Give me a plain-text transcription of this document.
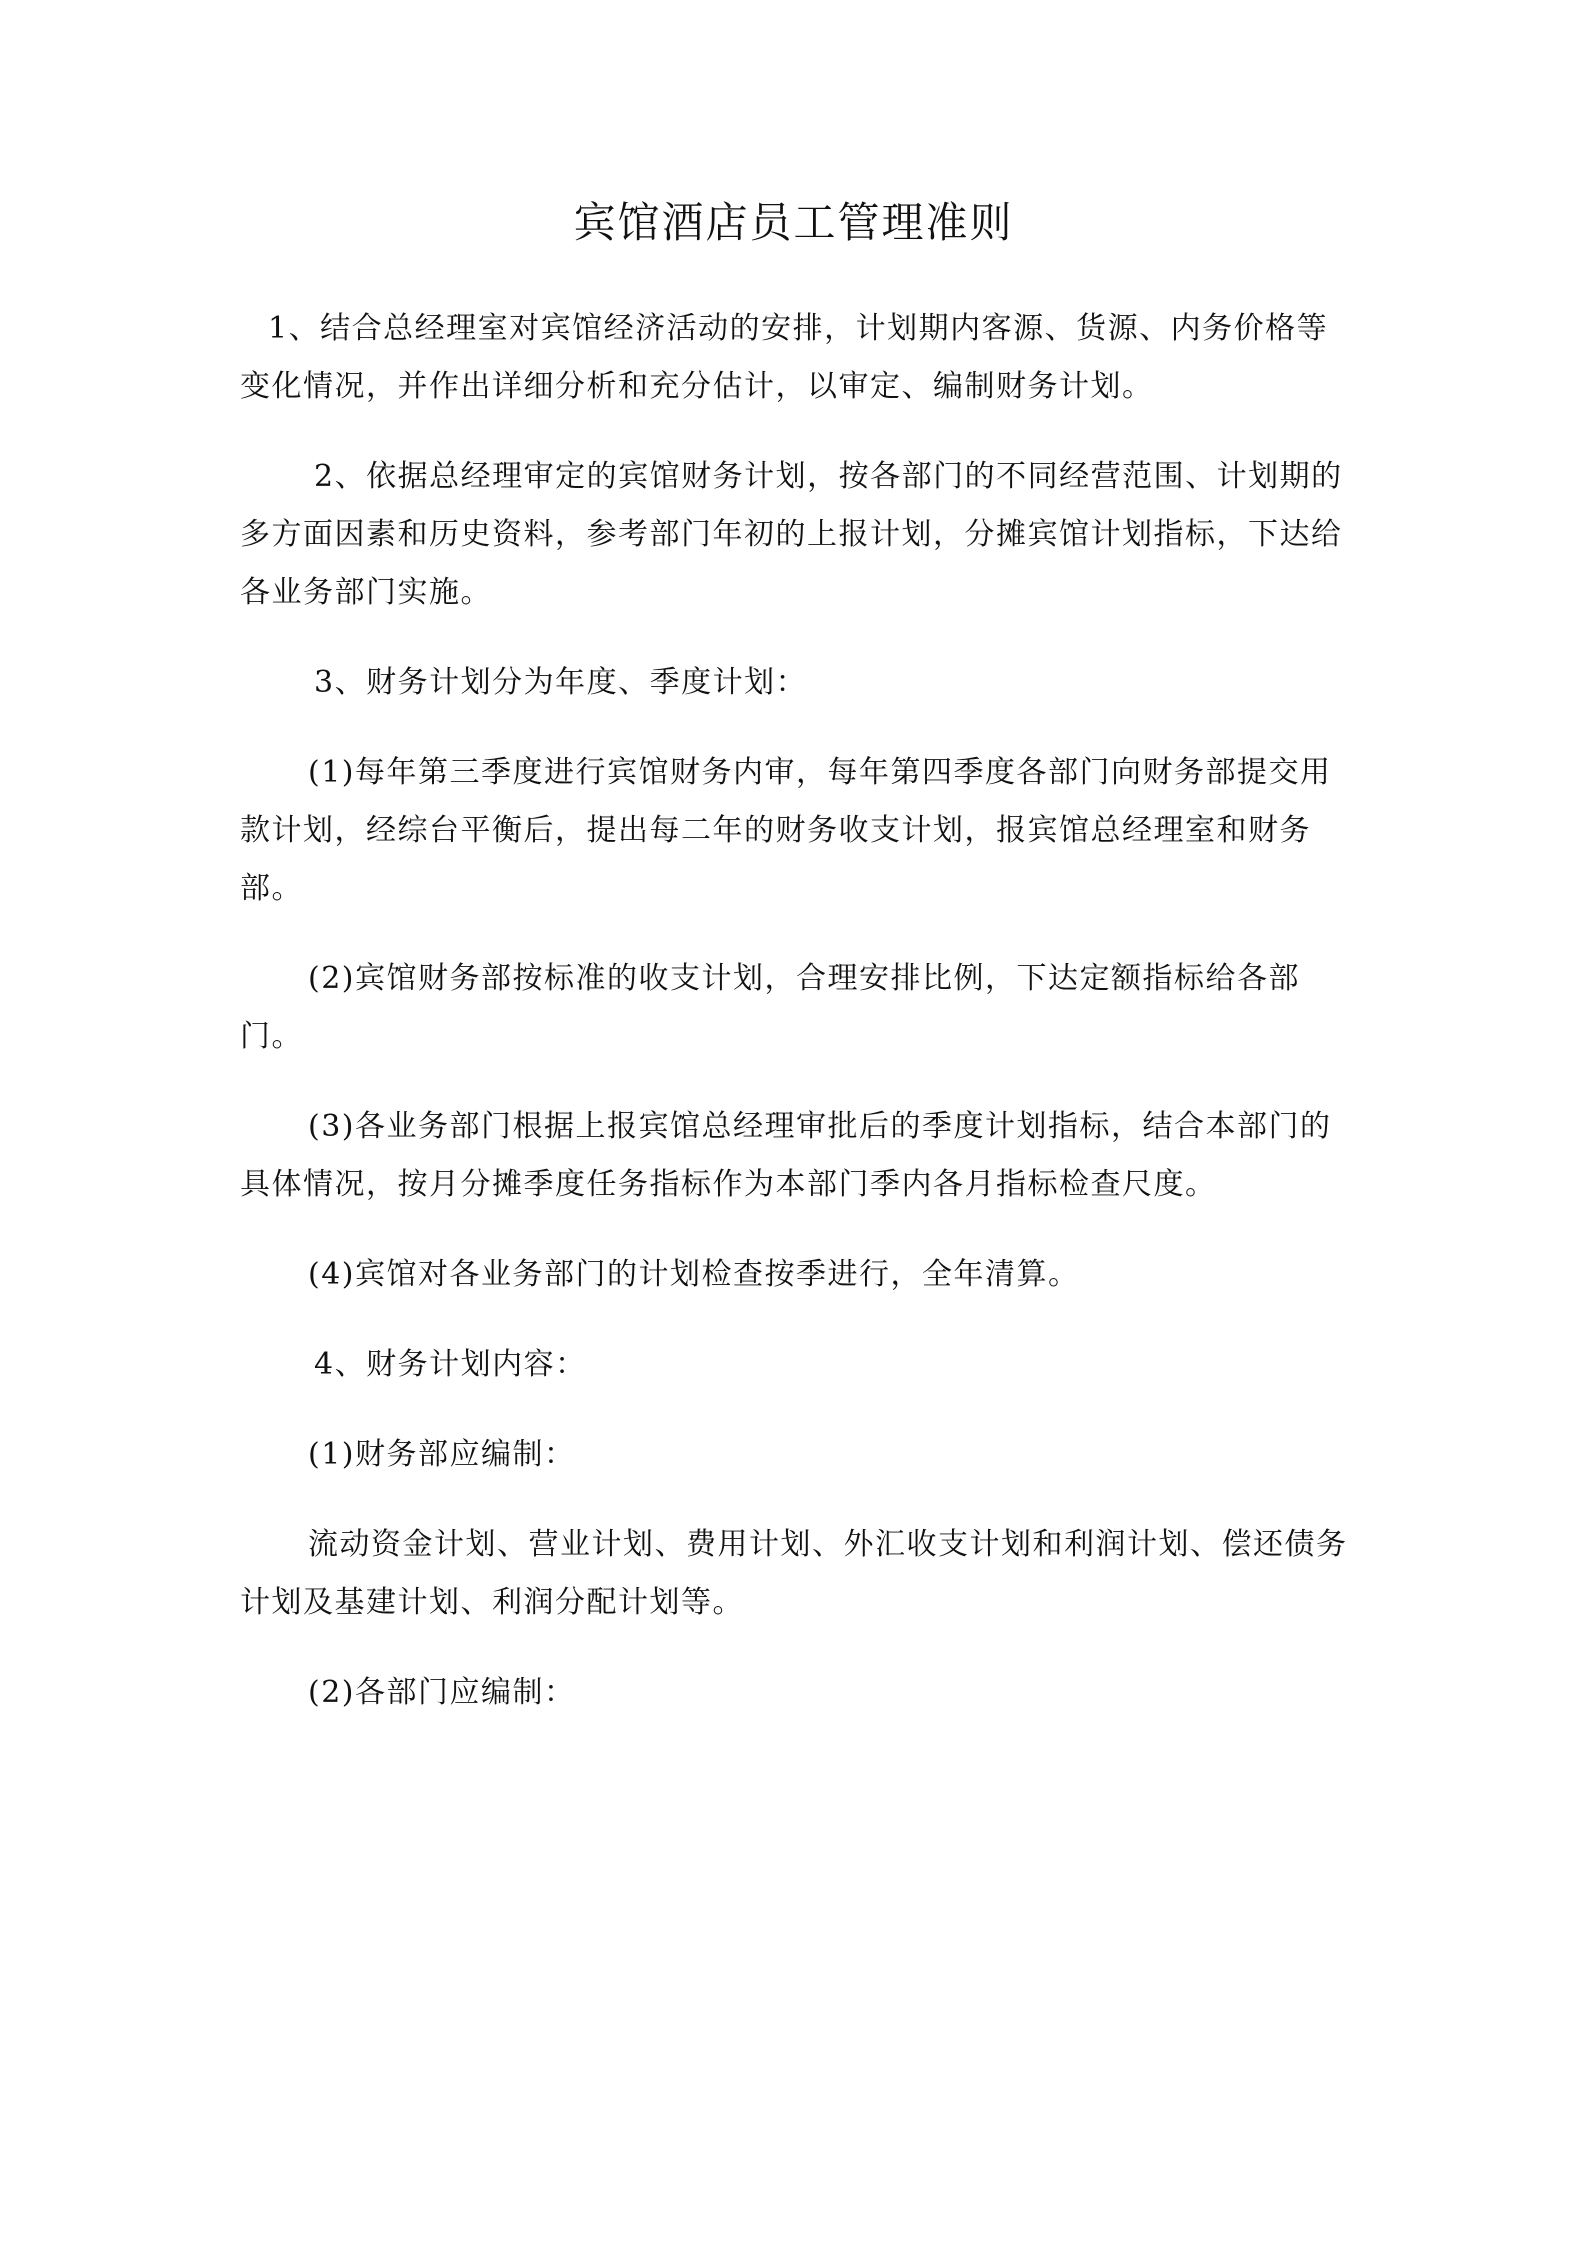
宾馆酒店员工管理准则

1、结合总经理室对宾馆经济活动的安排，计划期内客源、货源、内务价格等变化情况，并作出详细分析和充分估计，以审定、编制财务计划。

2、依据总经理审定的宾馆财务计划，按各部门的不同经营范围、计划期的多方面因素和历史资料，参考部门年初的上报计划，分摊宾馆计划指标，下达给各业务部门实施。

3、财务计划分为年度、季度计划：

(1)每年第三季度进行宾馆财务内审，每年第四季度各部门向财务部提交用款计划，经综台平衡后，提出每二年的财务收支计划，报宾馆总经理室和财务部。

(2)宾馆财务部按标准的收支计划，合理安排比例，下达定额指标给各部门。

(3)各业务部门根据上报宾馆总经理审批后的季度计划指标，结合本部门的具体情况，按月分摊季度任务指标作为本部门季内各月指标检查尺度。

(4)宾馆对各业务部门的计划检查按季进行，全年清算。

4、财务计划内容：

(1)财务部应编制：

流动资金计划、营业计划、费用计划、外汇收支计划和利润计划、偿还债务计划及基建计划、利润分配计划等。

(2)各部门应编制：
